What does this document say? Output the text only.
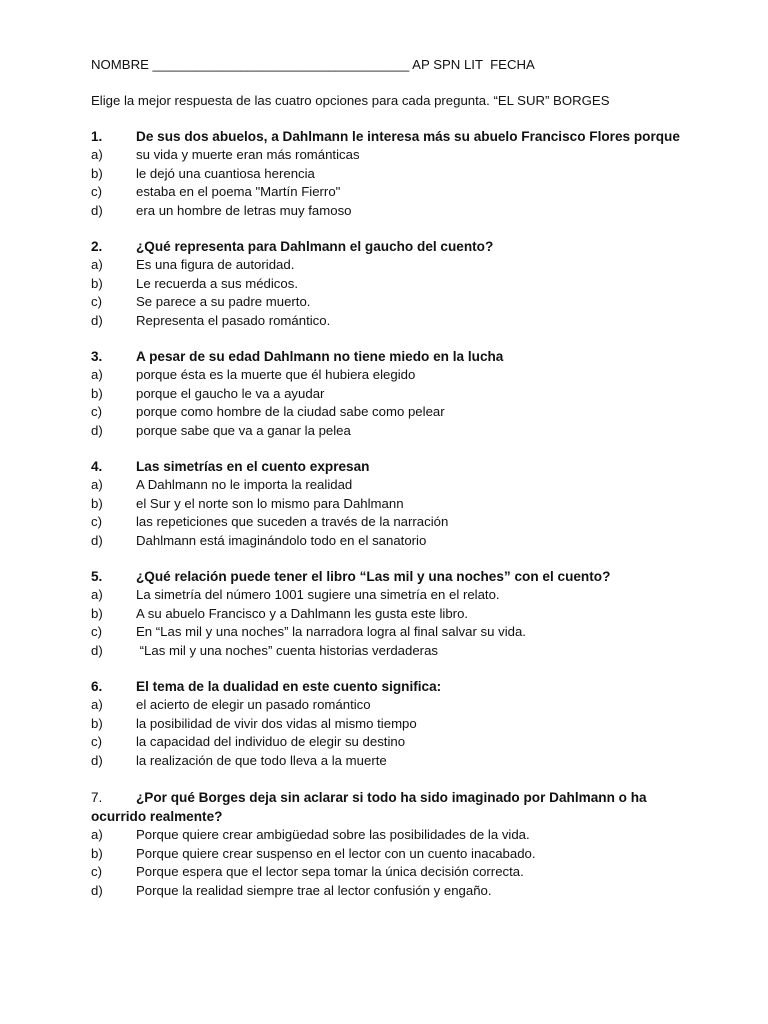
NOMBRE ___________________________________ AP SPN LIT  FECHA
Elige la mejor respuesta de las cuatro opciones para cada pregunta. “EL SUR” BORGES
1.	De sus dos abuelos, a Dahlmann le interesa más su abuelo Francisco Flores porque
a)	su vida y muerte eran más románticas
b)	le dejó una cuantiosa herencia
c)	estaba en el poema "Martín Fierro"
d)	era un hombre de letras muy famoso
2.	¿Qué representa para Dahlmann el gaucho del cuento?
a)	Es una figura de autoridad.
b)	Le recuerda a sus médicos.
c)	Se parece a su padre muerto.
d)	Representa el pasado romántico.
3.	A pesar de su edad Dahlmann no tiene miedo en la lucha
a)	porque ésta es la muerte que él hubiera elegido
b)	porque el gaucho le va a ayudar
c)	porque como hombre de la ciudad sabe como pelear
d)	porque sabe que va a ganar la pelea
4.	Las simetrías en el cuento expresan
a)	A Dahlmann no le importa la realidad
b)	el Sur y el norte son lo mismo para Dahlmann
c)	las repeticiones que suceden a través de la narración
d)	Dahlmann está imaginándolo todo en el sanatorio
5.	¿Qué relación puede tener el libro “Las mil y una noches” con el cuento?
a)	La simetría del número 1001 sugiere una simetría en el relato.
b)	A su abuelo Francisco y a Dahlmann les gusta este libro.
c)	En “Las mil y una noches” la narradora logra al final salvar su vida.
d)	“Las mil y una noches” cuenta historias verdaderas
6.	El tema de la dualidad en este cuento significa:
a)	el acierto de elegir un pasado romántico
b)	la posibilidad de vivir dos vidas al mismo tiempo
c)	la capacidad del individuo de elegir su destino
d)	la realización de que todo lleva a la muerte
7. ¿Por qué Borges deja sin aclarar si todo ha sido imaginado por Dahlmann o ha ocurrido realmente?
a)	Porque quiere crear ambigüedad sobre las posibilidades de la vida.
b)	Porque quiere crear suspenso en el lector con un cuento inacabado.
c)	Porque espera que el lector sepa tomar la única decisión correcta.
d)	Porque la realidad siempre trae al lector confusión y engaño.
